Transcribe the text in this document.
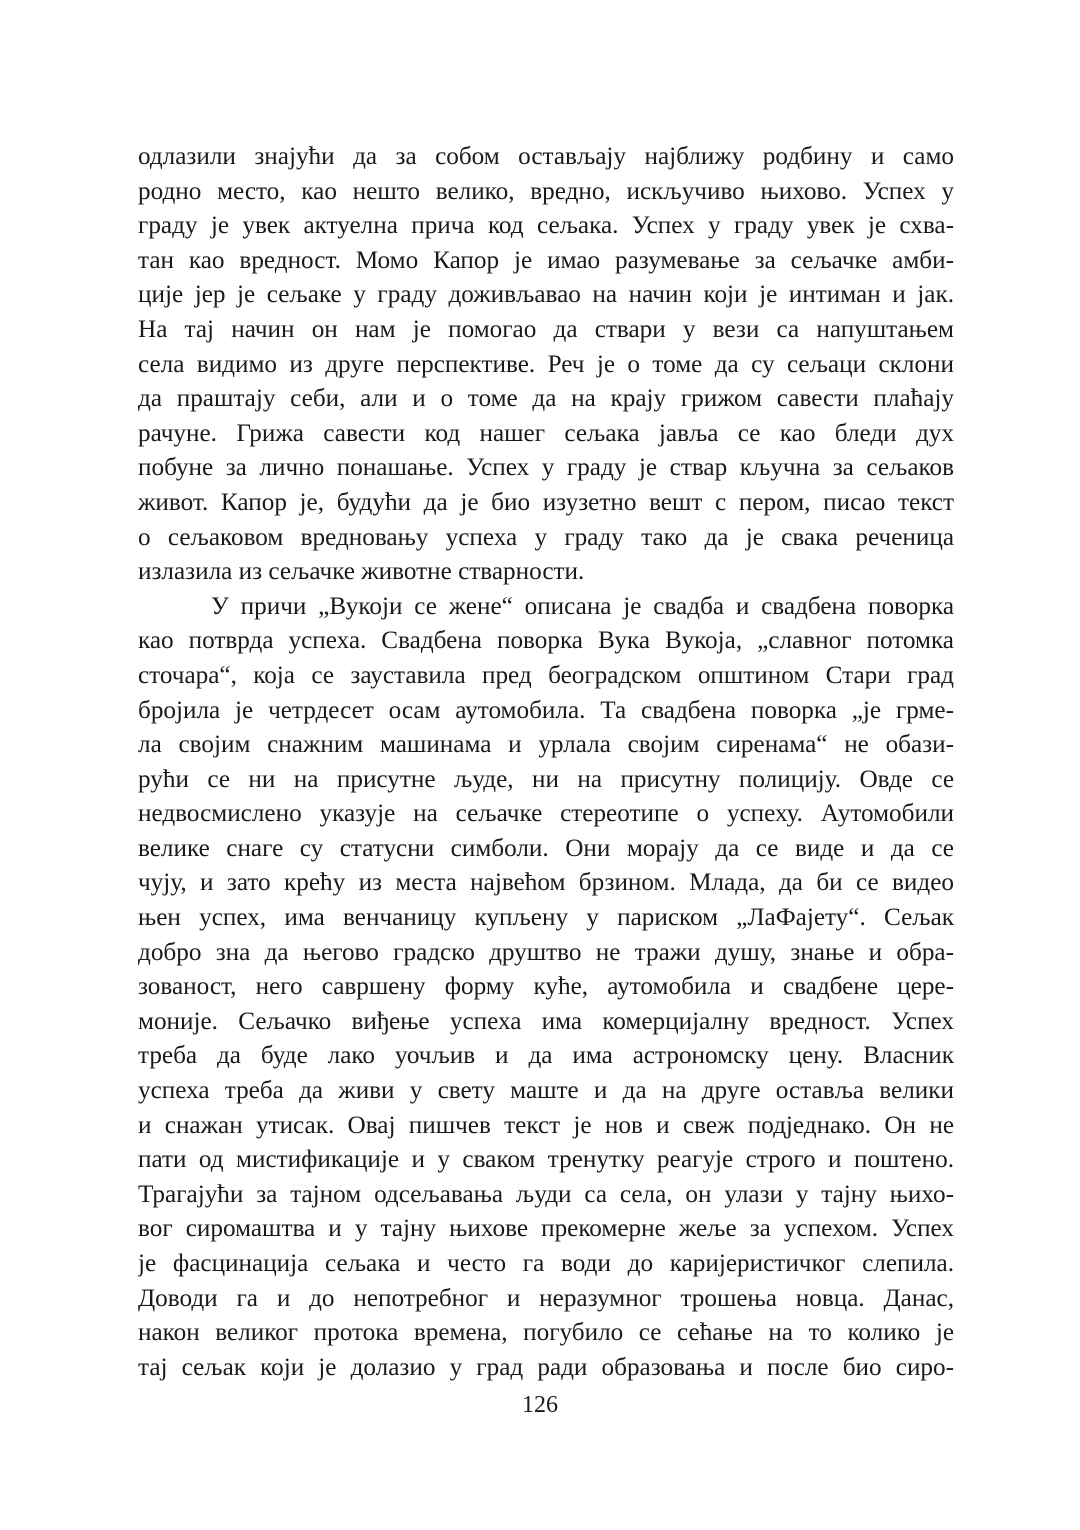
одлазили знајући да за собом остављају најближу родбину и само
родно место, као нешто велико, вредно, искључиво њихово. Успех у
граду је увек актуелна прича код сељака. Успех у граду увек је схва-
тан као вредност. Момо Капор је имао разумевање за сељачке амби-
ције јер је сељаке у граду доживљавао на начин који је интиман и јак.
На тај начин он нам је помогао да ствари у вези са напуштањем
села видимо из друге перспективе. Реч је о томе да су сељаци склони
да праштају себи, али и о томе да на крају грижом савести плаћају
рачуне. Грижа савести код нашег сељака јавља се као бледи дух
побуне за лично понашање. Успех у граду је ствар кључна за сељаков
живот. Капор је, будући да је био изузетно вешт с пером, писао текст
о сељаковом вредновању успеха у граду тако да је свака реченица
излазила из сељачке животне стварности.
У причи „Вукоји се жене“ описана је свадба и свадбена поворка
као потврда успеха. Свадбена поворка Вука Вукоја, „славног потомка
сточара“, која се зауставила пред београдском општином Стари град
бројила је четрдесет осам аутомобила. Та свадбена поворка „је грме-
ла својим снажним машинама и урлала својим сиренама“ не обази-
рући се ни на присутне људе, ни на присутну полицију. Овде се
недвосмислено указује на сељачке стереотипе о успеху. Аутомобили
велике снаге су статусни симболи. Они морају да се виде и да се
чују, и зато крећу из места највећом брзином. Млада, да би се видео
њен успех, има венчаницу купљену у париском „ЛаФајету“. Сељак
добро зна да његово градско друштво не тражи душу, знање и обра-
зованост, него савршену форму куће, аутомобила и свадбене цере-
моније. Сељачко виђење успеха има комерцијалну вредност. Успех
треба да буде лако уочљив и да има астрономску цену. Власник
успеха треба да живи у свету маште и да на друге оставља велики
и снажан утисак. Овај пишчев текст је нов и свеж подједнако. Он не
пати од мистификације и у сваком тренутку реагује строго и поштено.
Трагајући за тајном одсељавања људи са села, он улази у тајну њихо-
вог сиромаштва и у тајну њихове прекомерне жеље за успехом. Успех
је фасцинација сељака и често га води до каријеристичког слепила.
Доводи га и до непотребног и неразумног трошења новца. Данас,
након великог протока времена, погубило се сећање на то колико је
тај сељак који је долазио у град ради образовања и после био сиро-
126
